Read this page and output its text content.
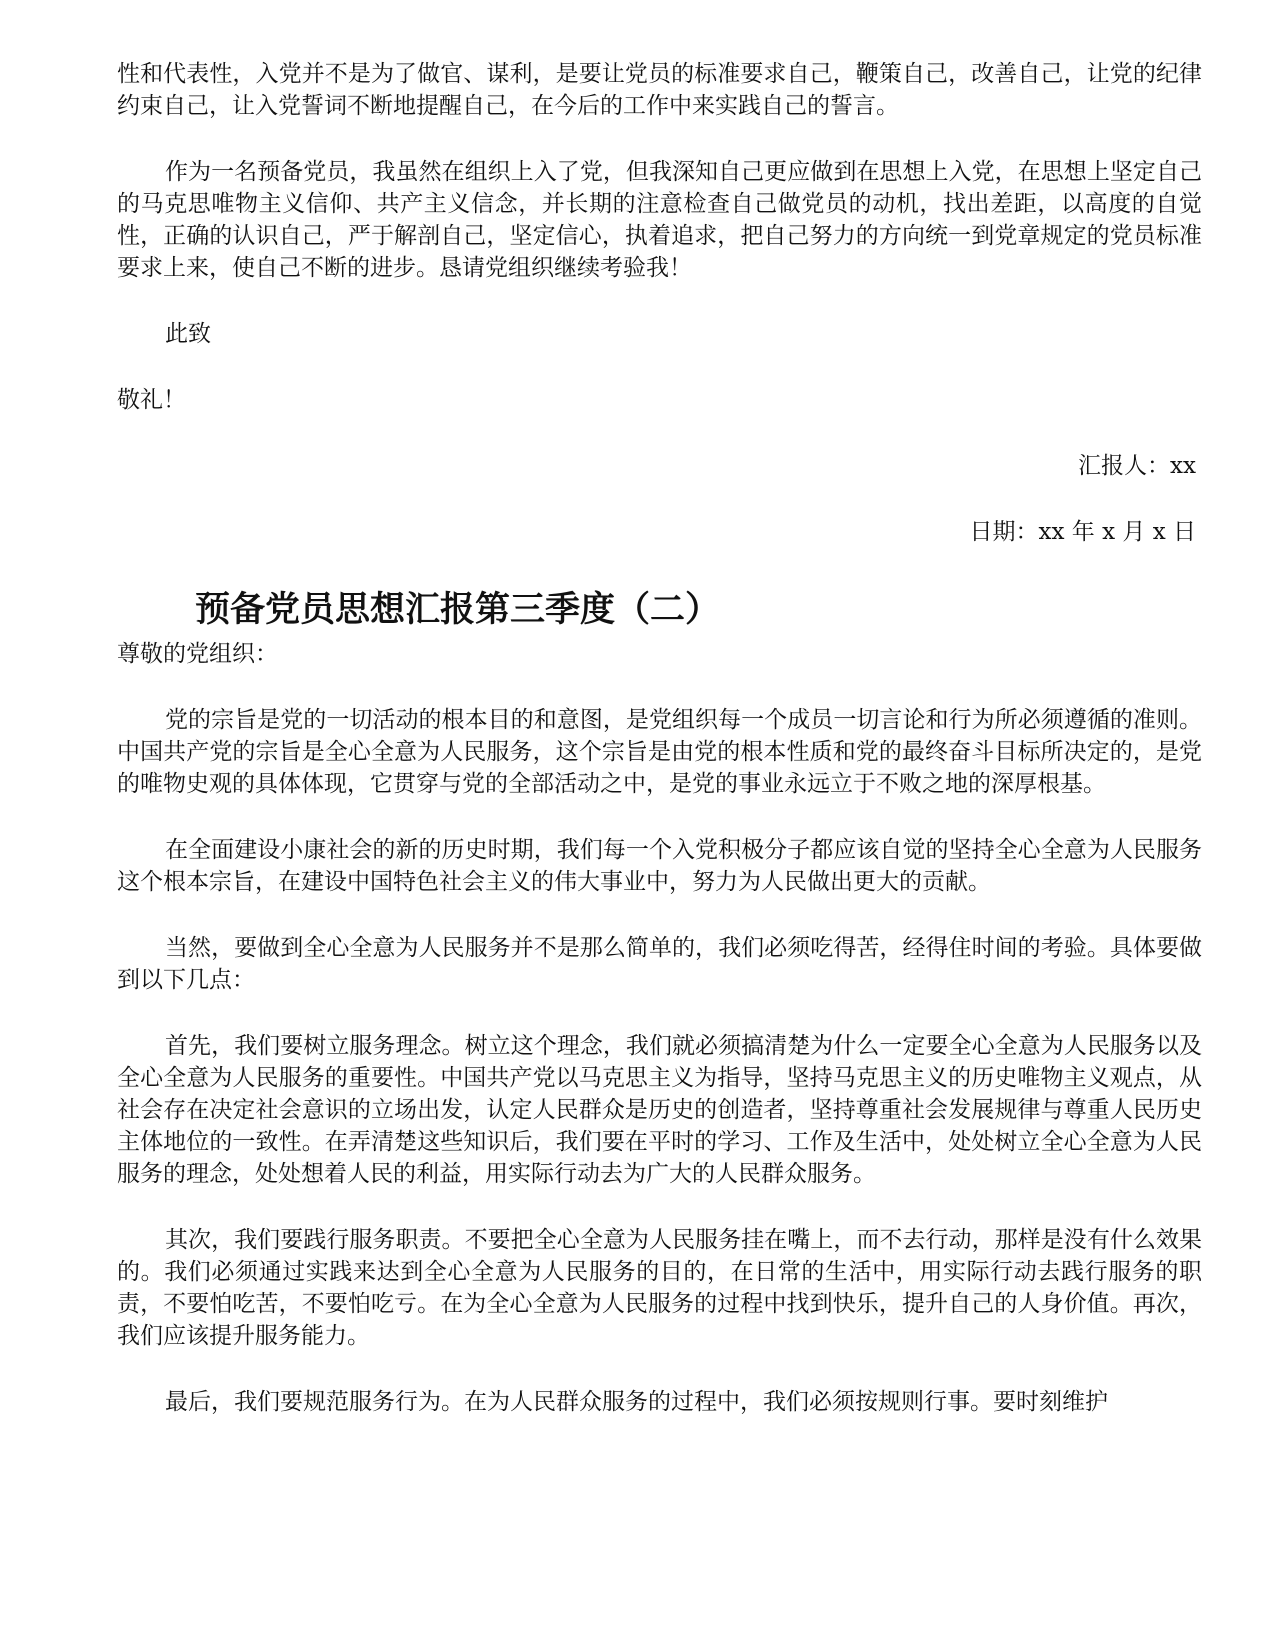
性和代表性，入党并不是为了做官、谋利，是要让党员的标准要求自己，鞭策自己，改善自己，让党的纪律约束自己，让入党誓词不断地提醒自己，在今后的工作中来实践自己的誓言。

作为一名预备党员，我虽然在组织上入了党，但我深知自己更应做到在思想上入党，在思想上坚定自己的马克思唯物主义信仰、共产主义信念，并长期的注意检查自己做党员的动机，找出差距，以高度的自觉性，正确的认识自己，严于解剖自己，坚定信心，执着追求，把自己努力的方向统一到党章规定的党员标准要求上来，使自己不断的进步。恳请党组织继续考验我！

此致

敬礼！

汇报人：xx

日期：xx 年 x 月 x 日

预备党员思想汇报第三季度（二）

尊敬的党组织：

党的宗旨是党的一切活动的根本目的和意图，是党组织每一个成员一切言论和行为所必须遵循的准则。中国共产党的宗旨是全心全意为人民服务，这个宗旨是由党的根本性质和党的最终奋斗目标所决定的，是党的唯物史观的具体体现，它贯穿与党的全部活动之中，是党的事业永远立于不败之地的深厚根基。

在全面建设小康社会的新的历史时期，我们每一个入党积极分子都应该自觉的坚持全心全意为人民服务这个根本宗旨，在建设中国特色社会主义的伟大事业中，努力为人民做出更大的贡献。

当然，要做到全心全意为人民服务并不是那么简单的，我们必须吃得苦，经得住时间的考验。具体要做到以下几点：

首先，我们要树立服务理念。树立这个理念，我们就必须搞清楚为什么一定要全心全意为人民服务以及全心全意为人民服务的重要性。中国共产党以马克思主义为指导，坚持马克思主义的历史唯物主义观点，从社会存在决定社会意识的立场出发，认定人民群众是历史的创造者，坚持尊重社会发展规律与尊重人民历史主体地位的一致性。在弄清楚这些知识后，我们要在平时的学习、工作及生活中，处处树立全心全意为人民服务的理念，处处想着人民的利益，用实际行动去为广大的人民群众服务。

其次，我们要践行服务职责。不要把全心全意为人民服务挂在嘴上，而不去行动，那样是没有什么效果的。我们必须通过实践来达到全心全意为人民服务的目的，在日常的生活中，用实际行动去践行服务的职责，不要怕吃苦，不要怕吃亏。在为全心全意为人民服务的过程中找到快乐，提升自己的人身价值。再次，我们应该提升服务能力。

最后，我们要规范服务行为。在为人民群众服务的过程中，我们必须按规则行事。要时刻维护
